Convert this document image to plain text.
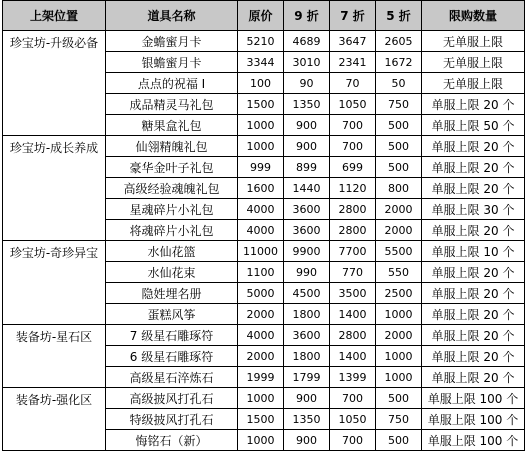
上架位置	道具名称	原价	9 折	7 折	5 折	限购数量
珍宝坊-升级必备	金蟾蜜月卡	5210	4689	3647	2605	无单服上限
	银蟾蜜月卡	3344	3010	2341	1672	无单服上限
	点点的祝福 I	100	90	70	50	无单服上限
	成品精灵马礼包	1500	1350	1050	750	单服上限 20 个
	糖果盒礼包	1000	900	700	500	单服上限 50 个
珍宝坊-成长养成	仙翎精魄礼包	1000	900	700	500	单服上限 20 个
	豪华金叶子礼包	999	899	699	500	单服上限 20 个
	高级经验魂魄礼包	1600	1440	1120	800	单服上限 20 个
	星魂碎片小礼包	4000	3600	2800	2000	单服上限 30 个
	将魂碎片小礼包	4000	3600	2800	2000	单服上限 20 个
珍宝坊-奇珍异宝	水仙花篮	11000	9900	7700	5500	单服上限 10 个
	水仙花束	1100	990	770	550	单服上限 20 个
	隐姓埋名册	5000	4500	3500	2500	单服上限 20 个
	蛋糕风筝	2000	1800	1400	1000	单服上限 20 个
装备坊-星石区	7 级星石雕琢符	4000	3600	2800	2000	单服上限 20 个
	6 级星石雕琢符	2000	1800	1400	1000	单服上限 20 个
	高级星石淬炼石	1999	1799	1399	1000	单服上限 20 个
装备坊-强化区	高级披风打孔石	1000	900	700	500	单服上限 100 个
	特级披风打孔石	1500	1350	1050	750	单服上限 100 个
	悔铭石（新）	1000	900	700	500	单服上限 100 个
